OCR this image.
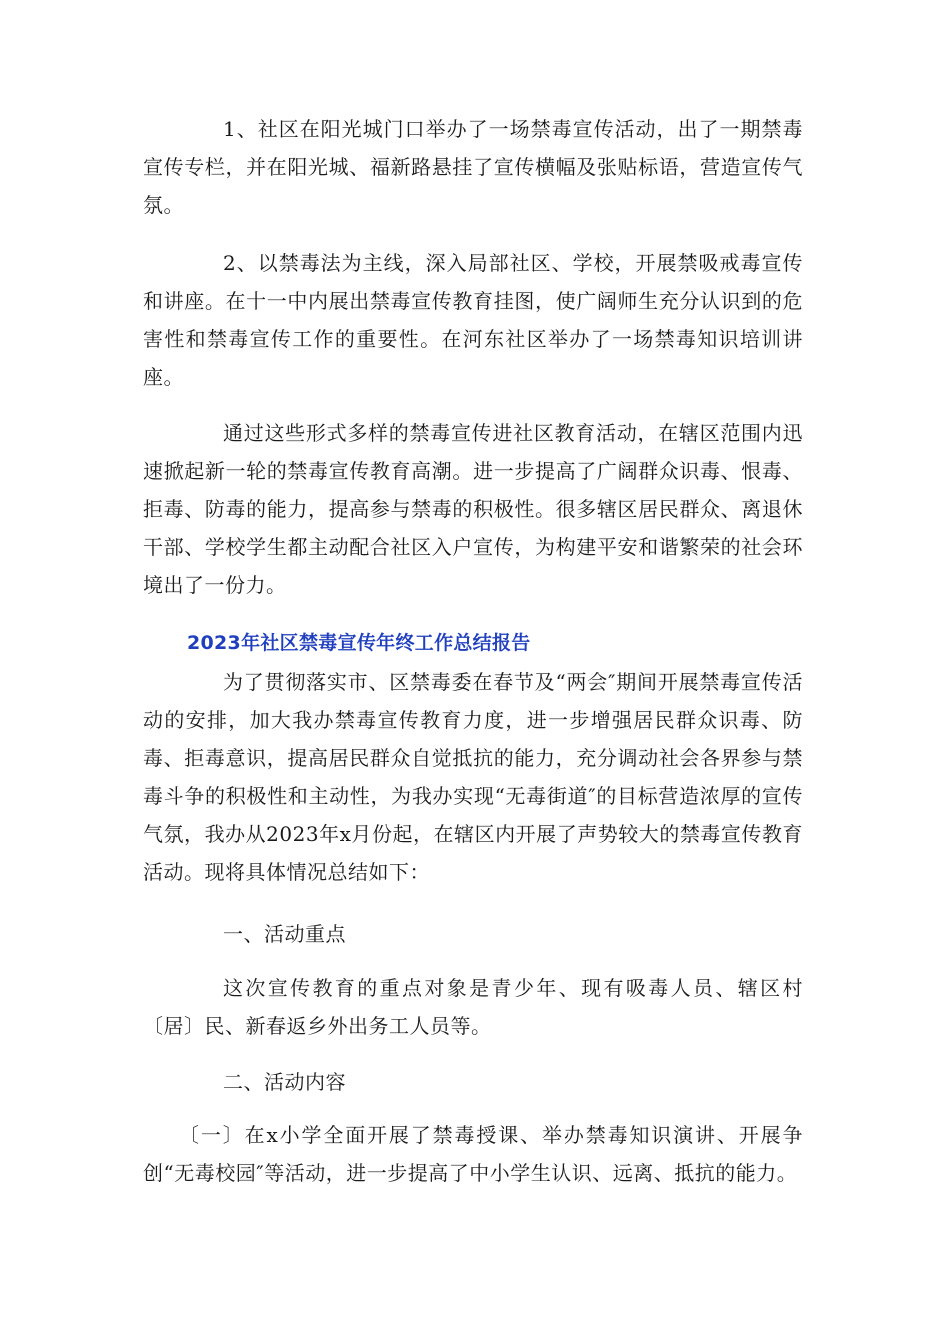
1、社区在阳光城门口举办了一场禁毒宣传活动，出了一期禁毒宣传专栏，并在阳光城、福新路悬挂了宣传横幅及张贴标语，营造宣传气氛。

2、以禁毒法为主线，深入局部社区、学校，开展禁吸戒毒宣传和讲座。在十一中内展出禁毒宣传教育挂图，使广阔师生充分认识到的危害性和禁毒宣传工作的重要性。在河东社区举办了一场禁毒知识培训讲座。

通过这些形式多样的禁毒宣传进社区教育活动，在辖区范围内迅速掀起新一轮的禁毒宣传教育高潮。进一步提高了广阔群众识毒、恨毒、拒毒、防毒的能力，提高参与禁毒的积极性。很多辖区居民群众、离退休干部、学校学生都主动配合社区入户宣传，为构建平安和谐繁荣的社会环境出了一份力。

2023年社区禁毒宣传年终工作总结报告

为了贯彻落实市、区禁毒委在春节及“两会″期间开展禁毒宣传活动的安排，加大我办禁毒宣传教育力度，进一步增强居民群众识毒、防毒、拒毒意识，提高居民群众自觉抵抗的能力，充分调动社会各界参与禁毒斗争的积极性和主动性，为我办实现“无毒街道″的目标营造浓厚的宣传气氛，我办从2023年x月份起，在辖区内开展了声势较大的禁毒宣传教育活动。现将具体情况总结如下：

一、活动重点

这次宣传教育的重点对象是青少年、现有吸毒人员、辖区村〔居〕民、新春返乡外出务工人员等。

二、活动内容

〔一〕在x小学全面开展了禁毒授课、举办禁毒知识演讲、开展争创“无毒校园″等活动，进一步提高了中小学生认识、远离、抵抗的能力。
